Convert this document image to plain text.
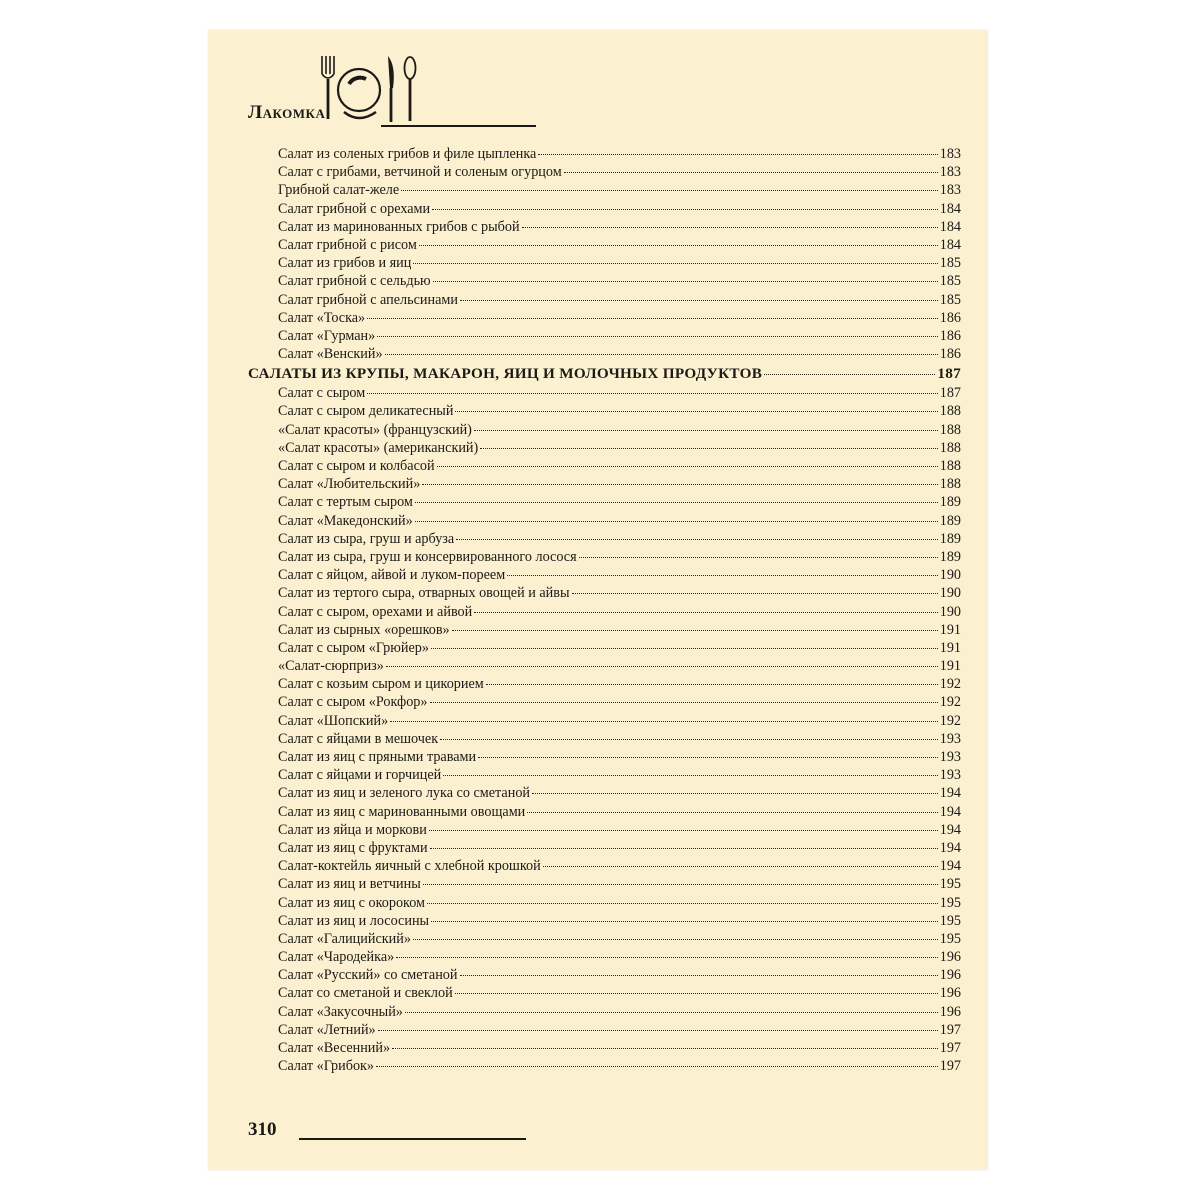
Лакомка
Салат из соленых грибов и филе цыпленка	183
Салат с грибами, ветчиной и соленым огурцом	183
Грибной салат-желе	183
Салат грибной с орехами	184
Салат из маринованных грибов с рыбой	184
Салат грибной с рисом	184
Салат из грибов и яиц	185
Салат грибной с сельдью	185
Салат грибной с апельсинами	185
Салат «Тоска»	186
Салат «Гурман»	186
Салат «Венский»	186
САЛАТЫ ИЗ КРУПЫ, МАКАРОН, ЯИЦ И МОЛОЧНЫХ ПРОДУКТОВ	187
Салат с сыром	187
Салат с сыром деликатесный	188
«Салат красоты» (французский)	188
«Салат красоты» (американский)	188
Салат с сыром и колбасой	188
Салат «Любительский»	188
Салат с тертым сыром	189
Салат «Македонский»	189
Салат из сыра, груш и арбуза	189
Салат из сыра, груш и консервированного лосося	189
Салат с яйцом, айвой и луком-пореем	190
Салат из тертого сыра, отварных овощей и айвы	190
Салат с сыром, орехами и айвой	190
Салат из сырных «орешков»	191
Салат с сыром «Грюйер»	191
«Салат-сюрприз»	191
Салат с козьим сыром и цикорием	192
Салат с сыром «Рокфор»	192
Салат «Шопский»	192
Салат с яйцами в мешочек	193
Салат из яиц с пряными травами	193
Салат с яйцами и горчицей	193
Салат из яиц и зеленого лука со сметаной	194
Салат из яиц с маринованными овощами	194
Салат из яйца и моркови	194
Салат из яиц с фруктами	194
Салат-коктейль яичный с хлебной крошкой	194
Салат из яиц и ветчины	195
Салат из яиц с окороком	195
Салат из яиц и лососины	195
Салат «Галицийский»	195
Салат «Чародейка»	196
Салат «Русский» со сметаной	196
Салат со сметаной и свеклой	196
Салат «Закусочный»	196
Салат «Летний»	197
Салат «Весенний»	197
Салат «Грибок»	197
310
